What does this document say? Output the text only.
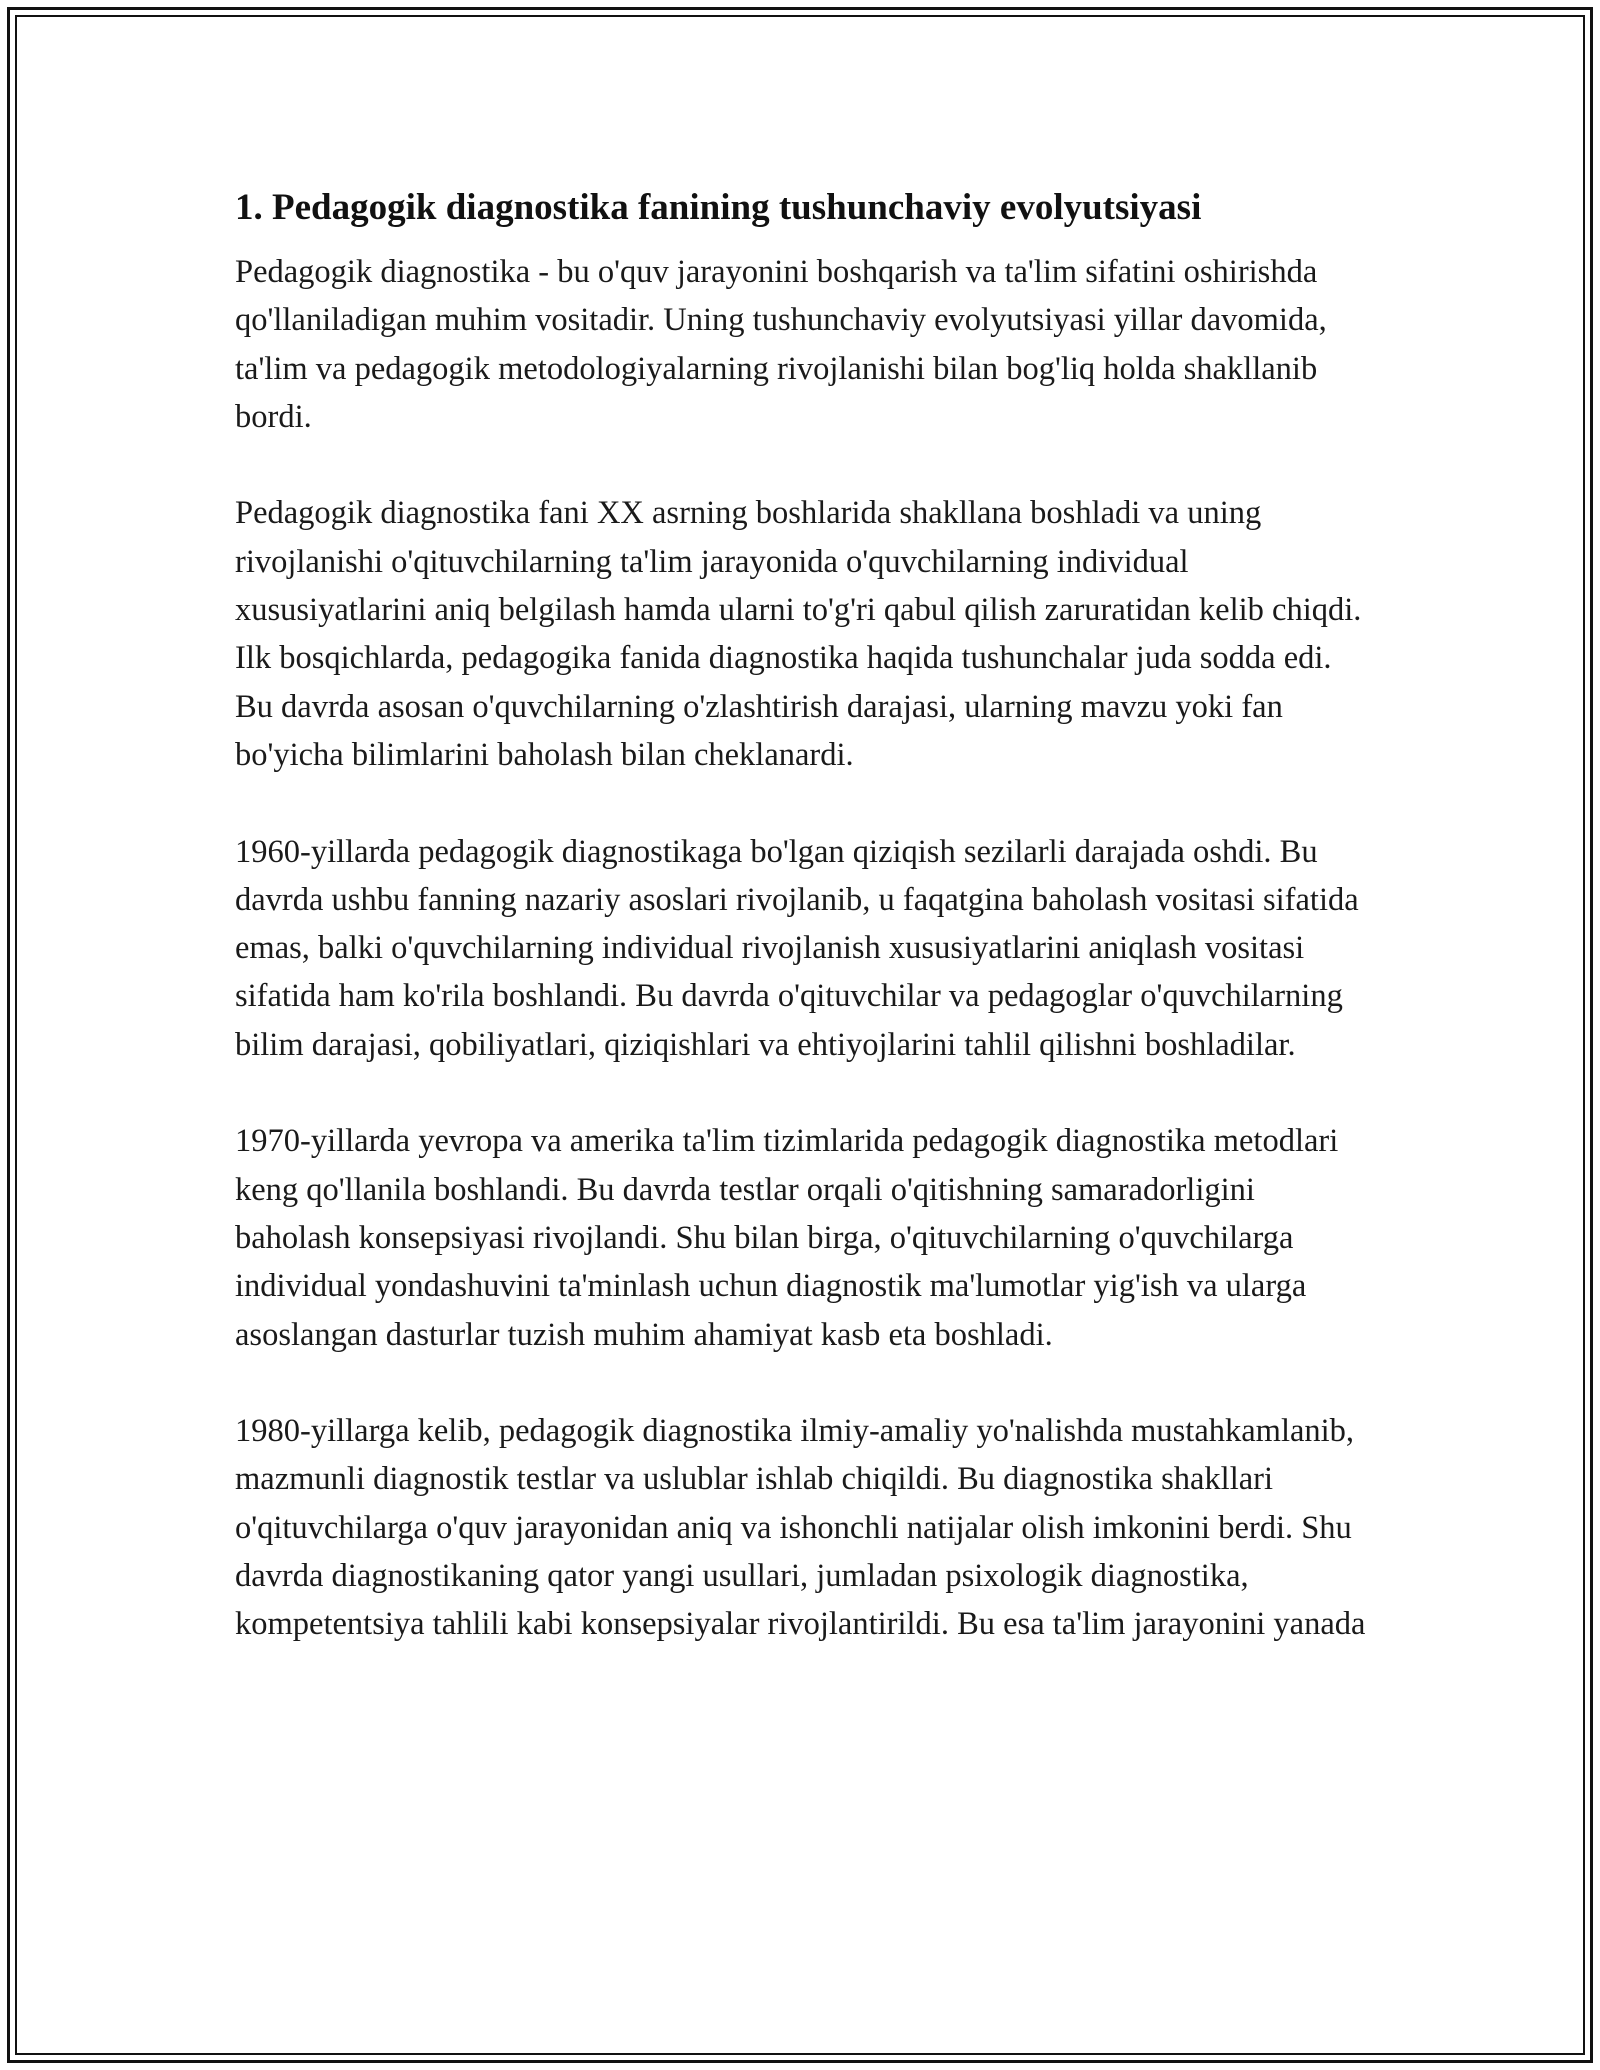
1. Pedagogik diagnostika fanining tushunchaviy evolyutsiyasi

Pedagogik diagnostika - bu o'quv jarayonini boshqarish va ta'lim sifatini oshirishda qo'llaniladigan muhim vositadir. Uning tushunchaviy evolyutsiyasi yillar davomida, ta'lim va pedagogik metodologiyalarning rivojlanishi bilan bog'liq holda shakllanib bordi.

Pedagogik diagnostika fani XX asrning boshlarida shakllana boshladi va uning rivojlanishi o'qituvchilarning ta'lim jarayonida o'quvchilarning individual xususiyatlarini aniq belgilash hamda ularni to'g'ri qabul qilish zaruratidan kelib chiqdi. Ilk bosqichlarda, pedagogika fanida diagnostika haqida tushunchalar juda sodda edi. Bu davrda asosan o'quvchilarning o'zlashtirish darajasi, ularning mavzu yoki fan bo'yicha bilimlarini baholash bilan cheklanardi.

1960-yillarda pedagogik diagnostikaga bo'lgan qiziqish sezilarli darajada oshdi. Bu davrda ushbu fanning nazariy asoslari rivojlanib, u faqatgina baholash vositasi sifatida emas, balki o'quvchilarning individual rivojlanish xususiyatlarini aniqlash vositasi sifatida ham ko'rila boshlandi. Bu davrda o'qituvchilar va pedagoglar o'quvchilarning bilim darajasi, qobiliyatlari, qiziqishlari va ehtiyojlarini tahlil qilishni boshladilar.

1970-yillarda yevropa va amerika ta'lim tizimlarida pedagogik diagnostika metodlari keng qo'llanila boshlandi. Bu davrda testlar orqali o'qitishning samaradorligini baholash konsepsiyasi rivojlandi. Shu bilan birga, o'qituvchilarning o'quvchilarga individual yondashuvini ta'minlash uchun diagnostik ma'lumotlar yig'ish va ularga asoslangan dasturlar tuzish muhim ahamiyat kasb eta boshladi.

1980-yillarga kelib, pedagogik diagnostika ilmiy-amaliy yo'nalishda mustahkamlanib, mazmunli diagnostik testlar va uslublar ishlab chiqildi. Bu diagnostika shakllari o'qituvchilarga o'quv jarayonidan aniq va ishonchli natijalar olish imkonini berdi. Shu davrda diagnostikaning qator yangi usullari, jumladan psixologik diagnostika, kompetentsiya tahlili kabi konsepsiyalar rivojlantirildi. Bu esa ta'lim jarayonini yanada
